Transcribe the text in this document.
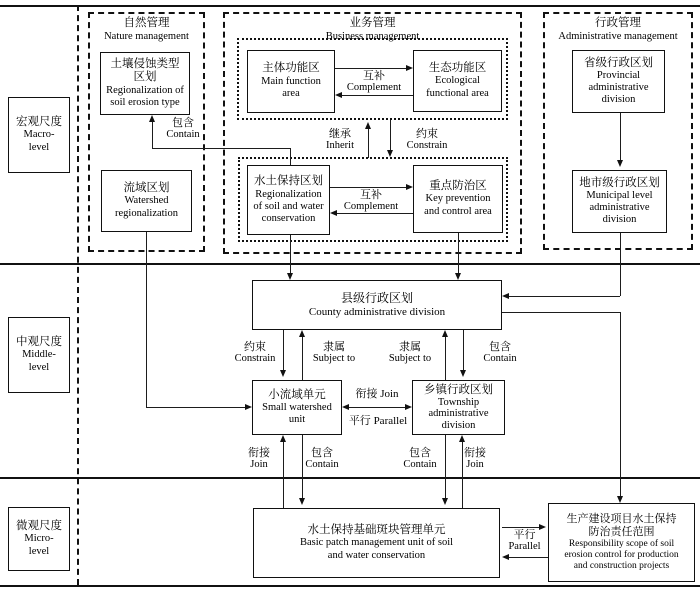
宏观尺度
Macro-
level
中观尺度
Middle-
level
微观尺度
Micro-
level
自然管理
Nature management
业务管理
Business management
行政管理
Administrative management
土壤侵蚀类型
区划
Regionalization of
soil erosion type
流域区划
Watershed
regionalization
主体功能区
Main function
area
生态功能区
Ecological
functional area
水土保持区划
Regionalization
of soil and water
conservation
重点防治区
Key prevention
and control area
省级行政区划
Provincial
administrative
division
地市级行政区划
Municipal level
administrative
division
县级行政区划
County administrative division
小流域单元
Small watershed
unit
乡镇行政区划
Township
administrative
division
水土保持基础斑块管理单元
Basic patch management unit of soil
and water conservation
生产建设项目水土保持
防治责任范围
Responsibility scope of soil
erosion control for production
and construction projects
互补
Complement
互补
Complement
继承
Inherit
约束
Constrain
包含
Contain
约束
Constrain
隶属
Subject to
隶属
Subject to
包含
Contain
衔接 Join
平行 Parallel
衔接
Join
包含
Contain
包含
Contain
衔接
Join
平行
Parallel
